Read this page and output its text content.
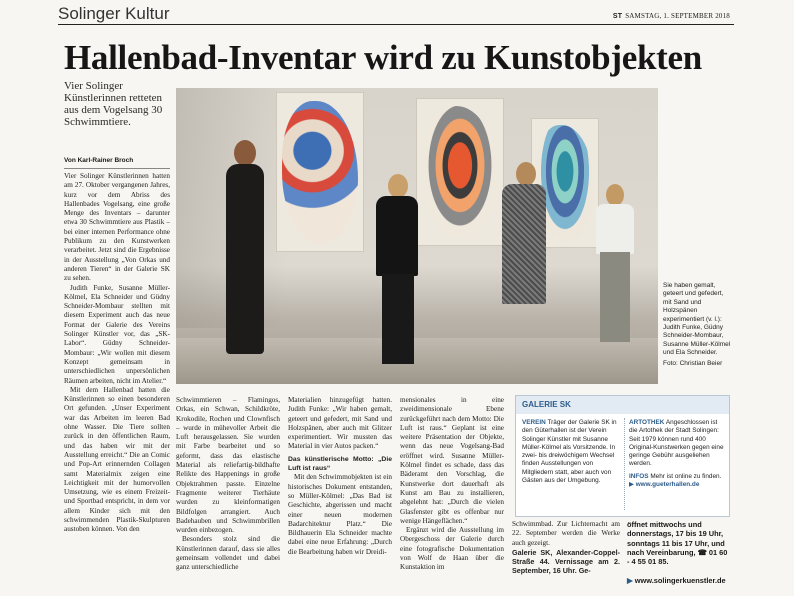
Solinger Kultur	ST SAMSTAG, 1. SEPTEMBER 2018
Hallenbad-Inventar wird zu Kunstobjekten
Vier Solinger Künstlerinnen retteten aus dem Vogelsang 30 Schwimmtiere.
Von Karl-Rainer Broch

Vier Solinger Künstlerinnen hatten am 27. Oktober vergangenen Jahres, kurz vor dem Abriss des Hallenbades Vogelsang, eine große Menge des Inventars – darunter etwa 30 Schwimmtiere aus Plastik – bei einer internen Performance ohne Publikum zu den Kunstwerken verarbeitet. Jetzt sind die Ergebnisse in der Ausstellung „Von Orkas und anderen Tieren“ in der Galerie SK zu sehen.

Judith Funke, Susanne Müller-Kölmel, Ela Schneider und Güdny Schneider-Mombaur stellten mit diesem Experiment auch das neue Format der Galerie des Vereins Solinger Künstler vor, das „SK-Labor“. Güdny Schneider-Mombaur: „Wir wollen mit diesem Konzept gemeinsam in unterschiedlichen unpersönlichen Räumen arbeiten, nicht im Atelier.“

Mit dem Hallenbad hatten die Künstlerinnen so einen besonderen Ort gefunden. „Unser Experiment war das Arbeiten im leeren Bad ohne Wasser. Die Tiere sollten zurück in den öffentlichen Raum, und das haben wir mit der Ausstellung erreicht.“ Die an Comic und Pop-Art erinnernden Collagen samt Materialmix zeigen eine Leichtigkeit mit der humorvollen Umsetzung, wie es einem Freizeit- und Sportbad entspricht, in dem vor allem Kinder sich mit den schwimmenden Plastik-Skulpturen austoben können. Von den

Sie haben gemalt, geteert und gefedert, mit Sand und Holzspänen experimentiert (v. l.): Judith Funke, Güdny Schneider-Mombaur, Susanne Müller-Kölmel und Ela Schneider.
Foto: Christian Beier

Schwimmtieren – Flamingos, Orkas, ein Schwan, Schildkröte, Krokodile, Rochen und Clownfisch – wurde in mühevoller Arbeit die Luft herausgelassen. Sie wurden mit Farbe bearbeitet und so geformt, dass das elastische Material als reliefartig-bildhafte Relikte des Happenings in große Objektrahmen passte. Einzelne Fragmente weiterer Tierhäute wurden zu kleinformatigen Bildfolgen arrangiert. Auch Badehauben und Schwimmbrillen wurden einbezogen.

Besonders stolz sind die Künstlerinnen darauf, dass sie alles gemeinsam vollendet und dabei ganz unterschiedliche

Materialien hinzugefügt hatten. Judith Funke: „Wir haben gemalt, geteert und gefedert, mit Sand und Holzspänen, aber auch mit Glitzer experimentiert. Wir mussten das Material in vier Autos packen.“

Das künstlerische Motto: „Die Luft ist raus“

Mit den Schwimmobjekten ist ein historisches Dokument entstanden, so Müller-Kölmel: „Das Bad ist Geschichte, abgerissen und macht einer neuen modernen Badarchitektur Platz.“ Die Bildhauerin Ela Schneider machte dabei eine neue Erfahrung: „Durch die Bearbeitung haben wir Dreidi-

mensionales in eine zweidimensionale Ebene zurückgeführt nach dem Motto: Die Luft ist raus.“ Geplant ist eine weitere Präsentation der Objekte, wenn das neue Vogelsang-Bad eröffnet wird. Susanne Müller-Kölmel findet es schade, dass das Bäderamt den Vorschlag, die Kunstwerke dort dauerhaft als Kunst am Bau zu installieren, abgelehnt hat: „Durch die vielen Glasfenster gibt es offenbar nur wenige Hängeflächen.“

Ergänzt wird die Ausstellung im Obergeschoss der Galerie durch eine fotografische Dokumentation von Wolf de Haan über die Kunstaktion im

GALERIE SK
VEREIN Träger der Galerie SK in den Güterhallen ist der Verein Solinger Künstler mit Susanne Müller-Kölmel als Vorsitzende. In zwei- bis dreiwöchigem Wechsel finden Ausstellungen von Mitgliedern statt, aber auch von Gästen aus der Umgebung.
ARTOTHEK Angeschlossen ist die Artothek der Stadt Solingen: Seit 1979 können rund 400 Original-Kunstwerken gegen eine geringe Gebühr ausgeliehen werden.
INFOS Mehr ist online zu finden.
▶ www.gueterhallen.de

Schwimmbad. Zur Lichternacht am 22. September werden die Werke auch gezeigt.

Galerie SK, Alexander-Coppel-Straße 44. Vernissage am 2. September, 16 Uhr. Ge-

öffnet mittwochs und donnerstags, 17 bis 19 Uhr, sonntags 11 bis 17 Uhr, und nach Vereinbarung, ☎ 01 60 - 4 55 01 85.
▶ www.solingerkuenstler.de
